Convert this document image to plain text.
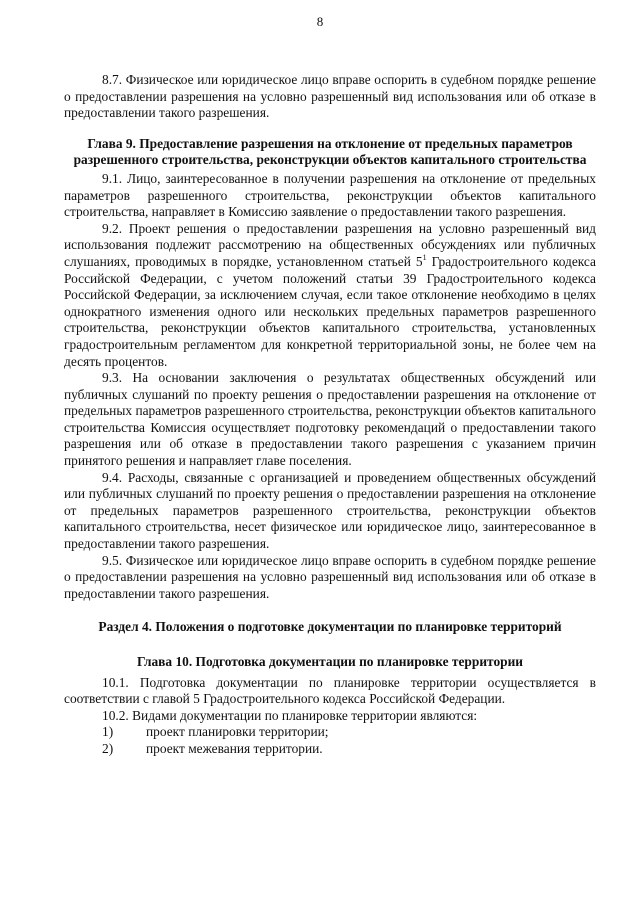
8

8.7. Физическое или юридическое лицо вправе оспорить в судебном порядке решение о предоставлении разрешения на условно разрешенный вид использования или об отказе в предоставлении такого разрешения.

Глава 9. Предоставление разрешения на отклонение от предельных параметров разрешенного строительства, реконструкции объектов капитального строительства

9.1. Лицо, заинтересованное в получении разрешения на отклонение от предельных параметров разрешенного строительства, реконструкции объектов капитального строительства, направляет в Комиссию заявление о предоставлении такого разрешения.

9.2. Проект решения о предоставлении разрешения на условно разрешенный вид использования подлежит рассмотрению на общественных обсуждениях или публичных слушаниях, проводимых в порядке, установленном статьей $5^1$ Градостроительного кодекса Российской Федерации, с учетом положений статьи 39 Градостроительного кодекса Российской Федерации, за исключением случая, если такое отклонение необходимо в целях однократного изменения одного или нескольких предельных параметров разрешенного строительства, реконструкции объектов капитального строительства, установленных градостроительным регламентом для конкретной территориальной зоны, не более чем на десять процентов.

9.3. На основании заключения о результатах общественных обсуждений или публичных слушаний по проекту решения о предоставлении разрешения на отклонение от предельных параметров разрешенного строительства, реконструкции объектов капитального строительства Комиссия осуществляет подготовку рекомендаций о предоставлении такого разрешения или об отказе в предоставлении такого разрешения с указанием причин принятого решения и направляет главе поселения.

9.4. Расходы, связанные с организацией и проведением общественных обсуждений или публичных слушаний по проекту решения о предоставлении разрешения на отклонение от предельных параметров разрешенного строительства, реконструкции объектов капитального строительства, несет физическое или юридическое лицо, заинтересованное в предоставлении такого разрешения.

9.5. Физическое или юридическое лицо вправе оспорить в судебном порядке решение о предоставлении разрешения на условно разрешенный вид использования или об отказе в предоставлении такого разрешения.

Раздел 4. Положения о подготовке документации по планировке территорий
Глава 10. Подготовка документации по планировке территории

10.1. Подготовка документации по планировке территории осуществляется в соответствии с главой 5 Градостроительного кодекса Российской Федерации.

10.2. Видами документации по планировке территории являются:

1)	проект планировки территории;
2)	проект межевания территории.
